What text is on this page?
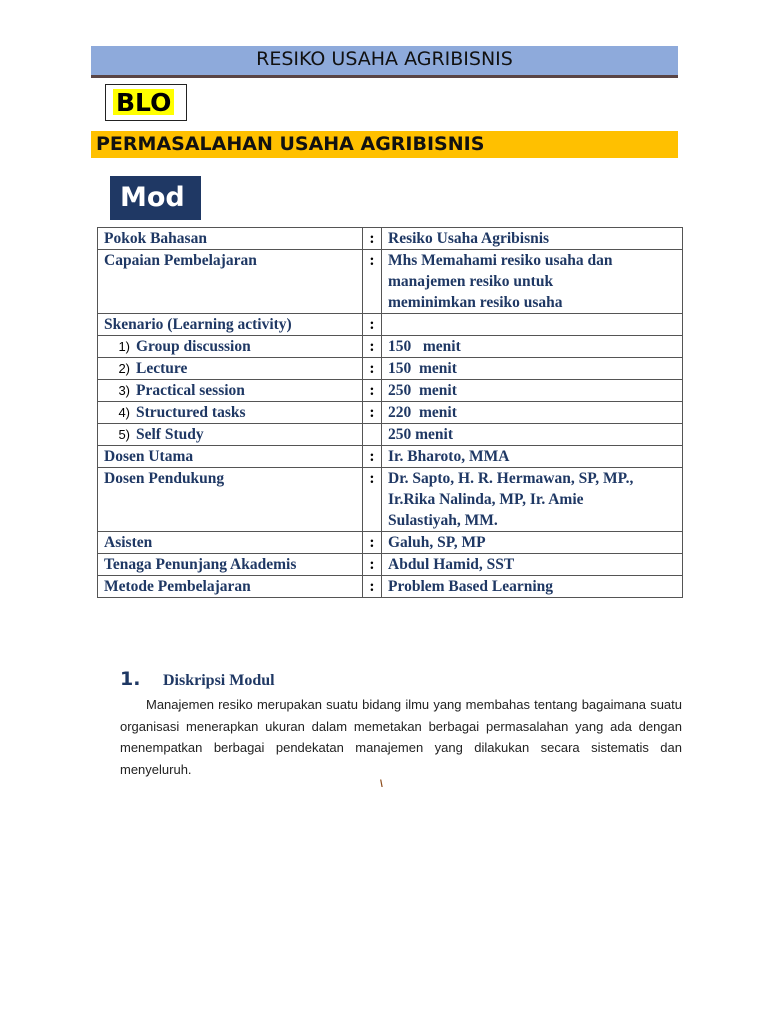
RESIKO USAHA AGRIBISNIS
BLO
PERMASALAHAN USAHA AGRIBISNIS
Mod
Pokok Bahasan	:	Resiko Usaha Agribisnis
Capaian Pembelajaran	:	Mhs Memahami resiko usaha dan
manajemen resiko untuk
meminimkan resiko usaha

Skenario (Learning activity)	:	
1) Group discussion	:	150   menit
2) Lecture	:	150  menit
3) Practical session	:	250  menit
4) Structured tasks	:	220  menit
5) Self Study		250 menit
Dosen Utama	:	Ir. Bharoto, MMA
Dosen Pendukung	:	Dr. Sapto, H. R. Hermawan, SP, MP.,
Ir.Rika Nalinda, MP, Ir. Amie
Sulastiyah, MM.

Asisten	:	Galuh, SP, MP
Tenaga Penunjang Akademis	:	Abdul Hamid, SST
Metode Pembelajaran	:	Problem Based Learning
1. Diskripsi Modul
Manajemen resiko merupakan suatu bidang ilmu yang membahas tentang bagaimana suatu organisasi menerapkan ukuran dalam memetakan berbagai permasalahan yang ada dengan menempatkan berbagai pendekatan manajemen yang dilakukan secara sistematis dan menyeluruh.
\
